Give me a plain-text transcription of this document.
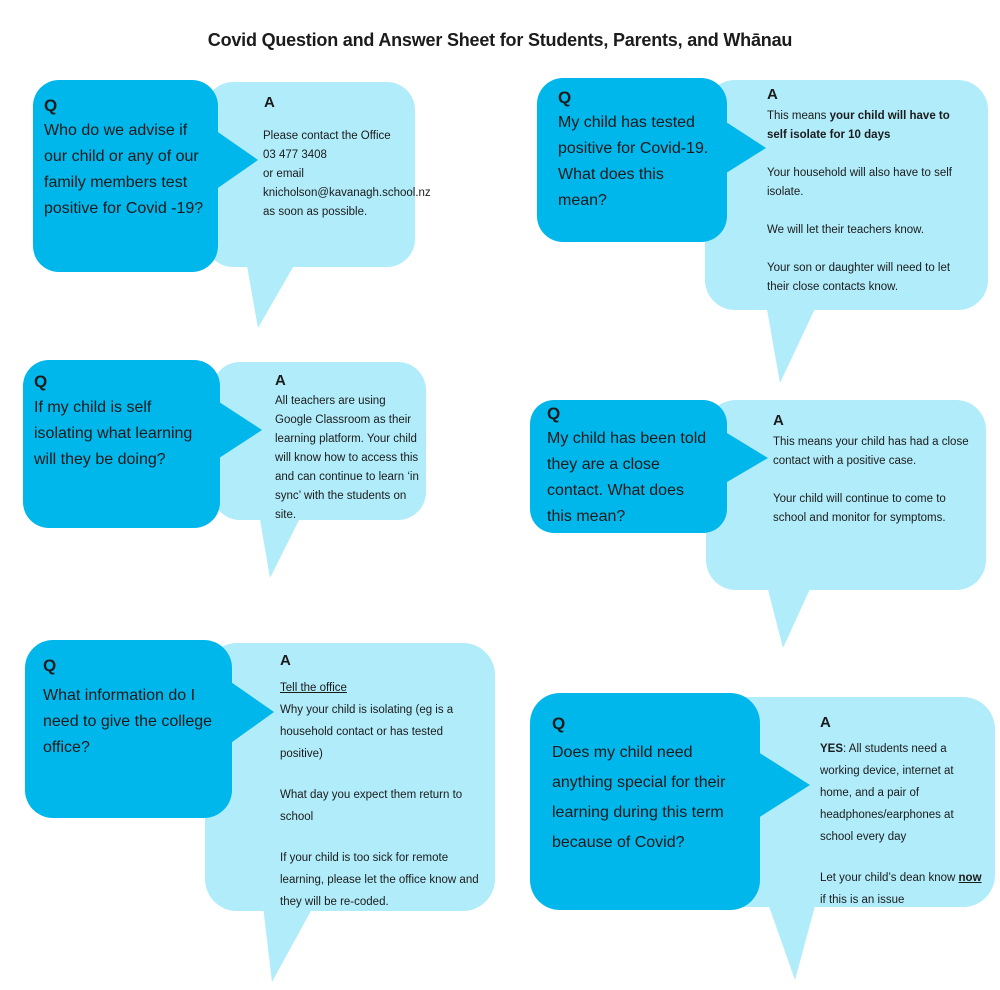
Covid Question and Answer Sheet for Students, Parents, and Whānau
Q
Who do we advise if our child or any of our family members test positive for Covid -19?
A
Please contact the Office
03 477 3408
or email
knicholson@kavanagh.school.nz
as soon as possible.
Q
My child has tested positive for Covid-19. What does this mean?
A
This means your child will have to self isolate for 10 days
Your household will also have to self isolate.
We will let their teachers know.
Your son or daughter will need to let their close contacts know.
Q
If my child is self isolating what learning will they be doing?
A
All teachers are using Google Classroom as their learning platform. Your child will know how to access this and can continue to learn ‘in sync’ with the students on site.
Q
My child has been told they are a close contact. What does this mean?
A
This means your child has had a close contact with a positive case.
Your child will continue to come to school and monitor for symptoms.
Q
What information do I need to give the college office?
A
Tell the office
Why your child is isolating (eg is a household contact or has tested positive)
What day you expect them return to school
If your child is too sick for remote learning, please let the office know and they will be re-coded.
Q
Does my child need anything special for their learning during this term because of Covid?
A
YES: All students need a working device, internet at home, and a pair of headphones/earphones at school every day
Let your child’s dean know now
if this is an issue
